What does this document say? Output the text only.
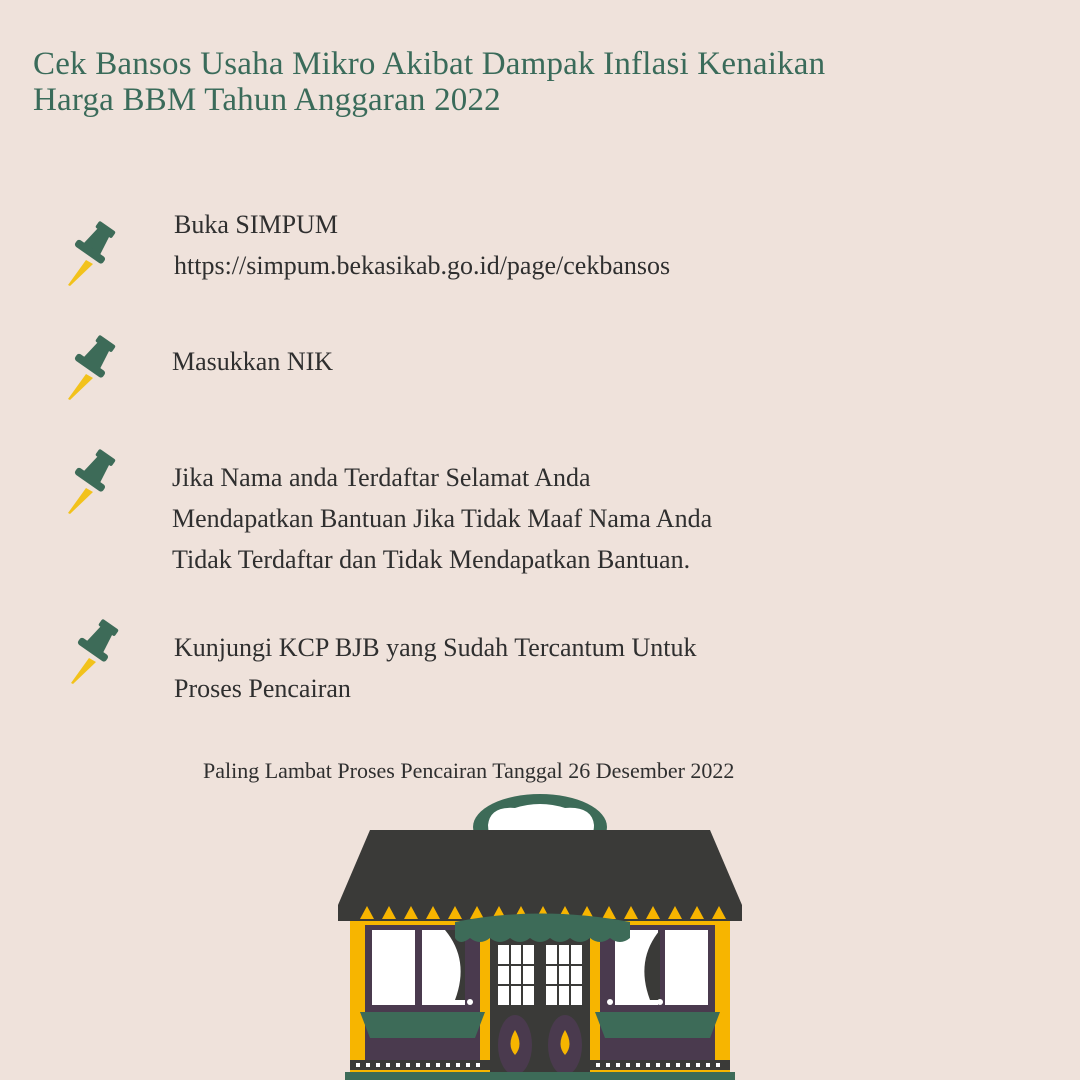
Cek Bansos Usaha Mikro Akibat Dampak Inflasi Kenaikan
Harga BBM Tahun Anggaran 2022
Buka SIMPUM
https://simpum.bekasikab.go.id/page/cekbansos
Masukkan NIK
Jika Nama anda Terdaftar Selamat Anda
Mendapatkan Bantuan Jika Tidak Maaf Nama Anda
Tidak Terdaftar dan Tidak Mendapatkan Bantuan.
Kunjungi KCP BJB yang Sudah Tercantum Untuk
Proses Pencairan
Paling Lambat Proses Pencairan Tanggal 26 Desember 2022
